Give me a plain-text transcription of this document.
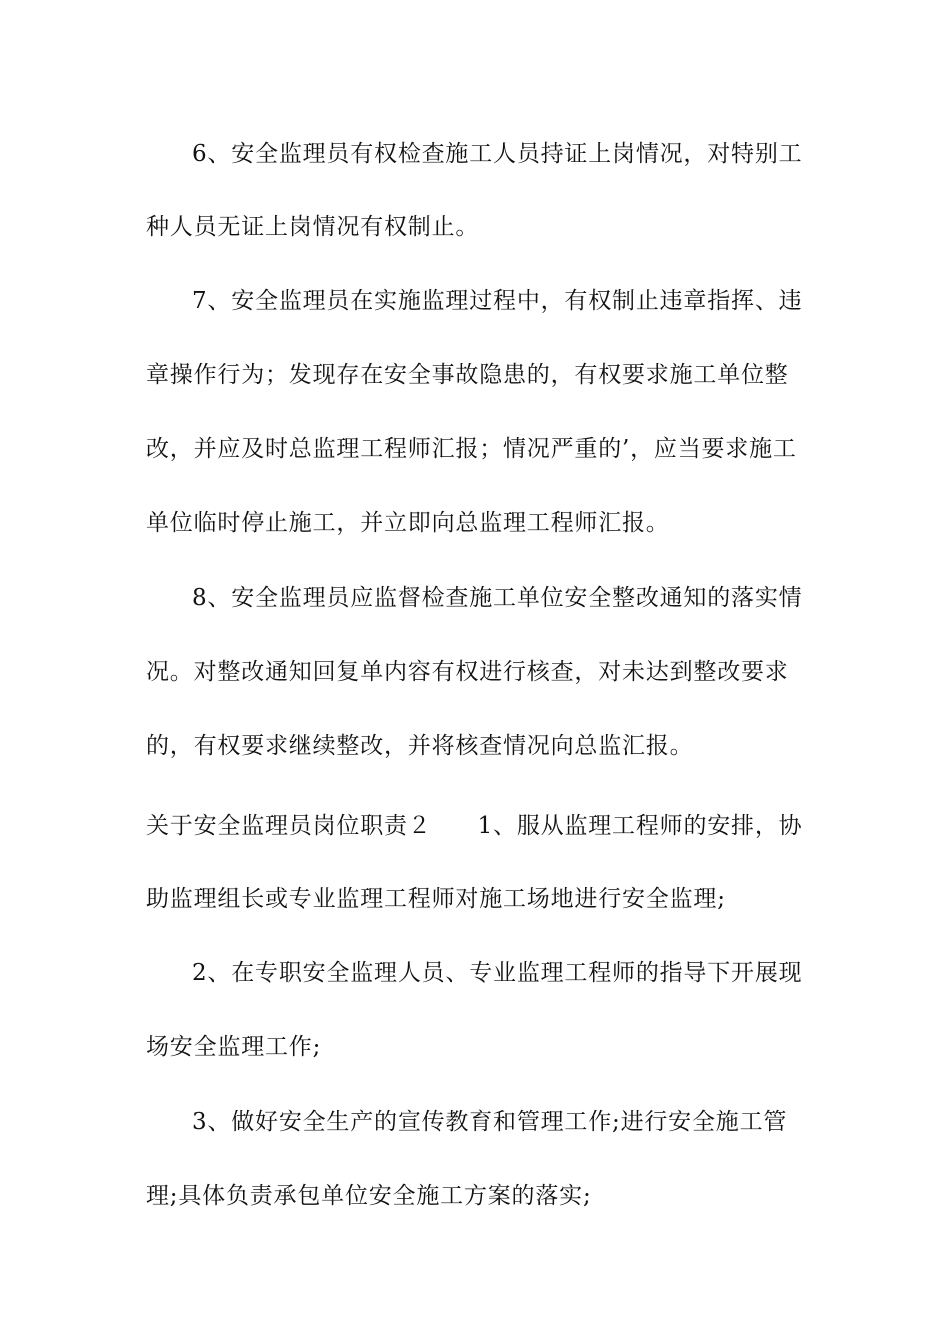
6、安全监理员有权检查施工人员持证上岗情况，对特别工
种人员无证上岗情况有权制止。
7、安全监理员在实施监理过程中，有权制止违章指挥、违
章操作行为；发现存在安全事故隐患的，有权要求施工单位整
改，并应及时总监理工程师汇报；情况严重的’，应当要求施工
单位临时停止施工，并立即向总监理工程师汇报。
8、安全监理员应监督检查施工单位安全整改通知的落实情
况。对整改通知回复单内容有权进行核查，对未达到整改要求
的，有权要求继续整改，并将核查情况向总监汇报。
关于安全监理员岗位职责２ 1、服从监理工程师的安排，协
助监理组长或专业监理工程师对施工场地进行安全监理;
2、在专职安全监理人员、专业监理工程师的指导下开展现
场安全监理工作;
3、做好安全生产的宣传教育和管理工作;进行安全施工管
理;具体负责承包单位安全施工方案的落实;
